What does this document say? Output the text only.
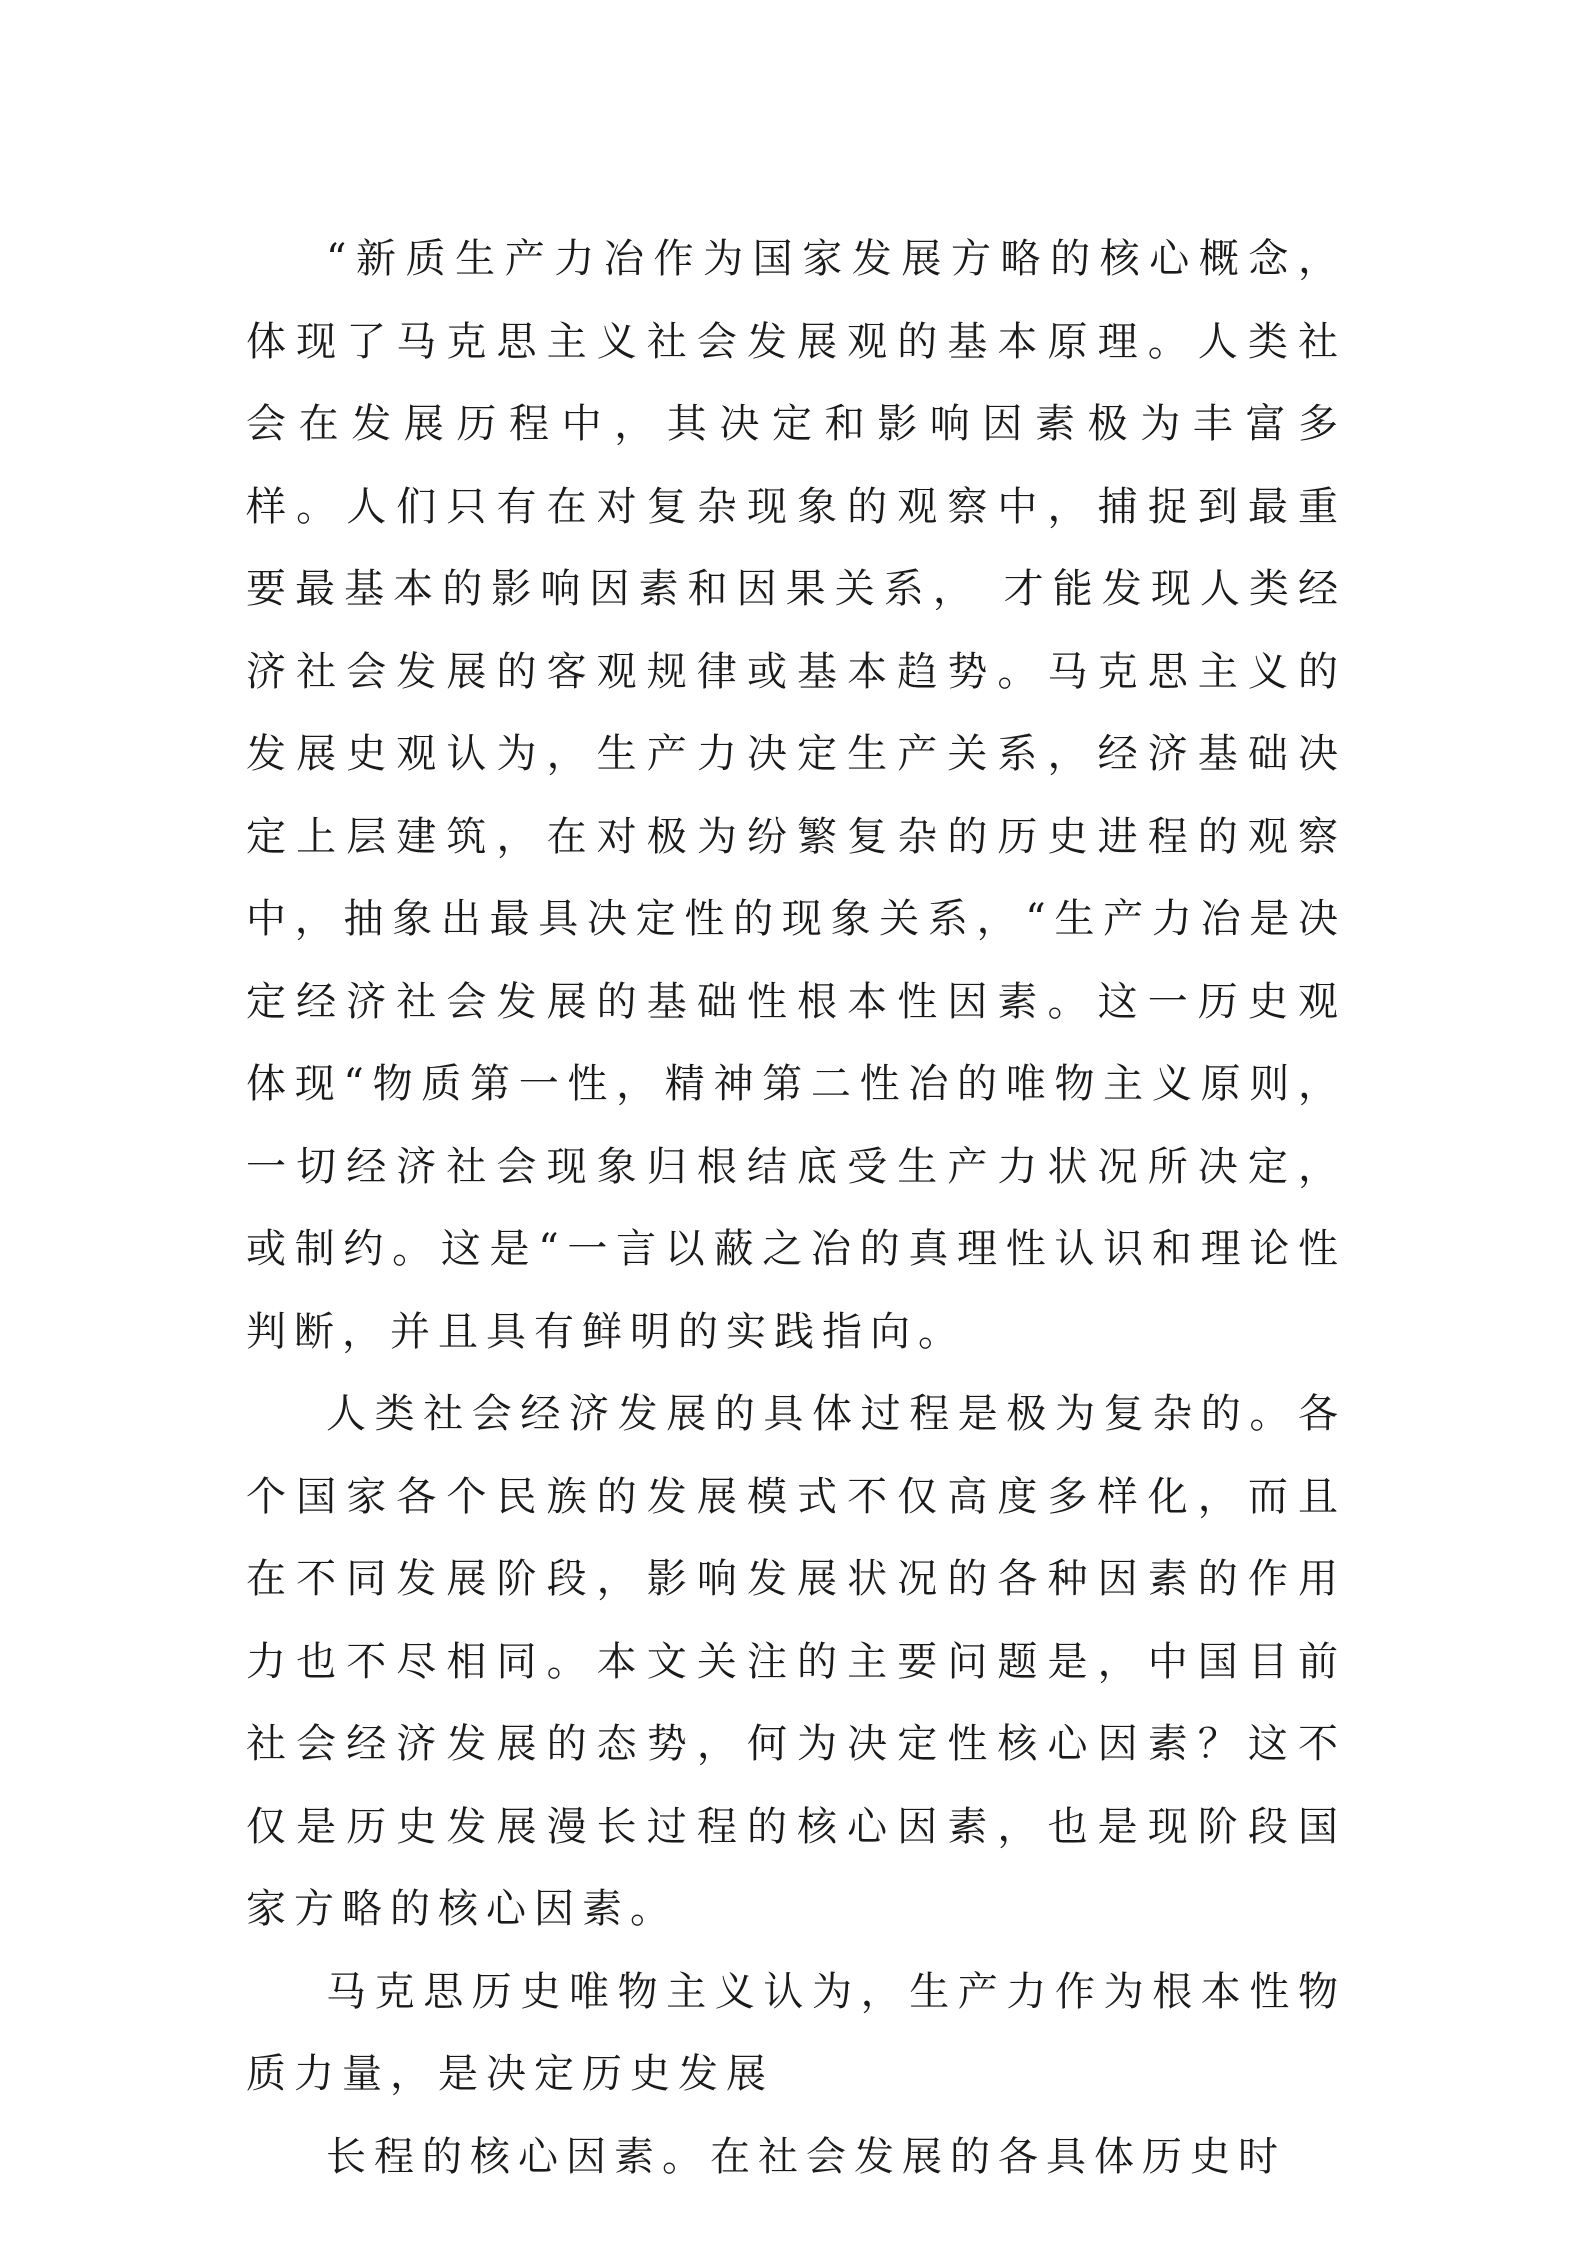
“新质生产力冶作为国家发展方略的核心概念，体现了马克思主义社会发展观的基本原理。人类社会在发展历程中，其决定和影响因素极为丰富多样。人们只有在对复杂现象的观察中，捕捉到最重要最基本的影响因素和因果关系， 才能发现人类经济社会发展的客观规律或基本趋势。马克思主义的发展史观认为，生产力决定生产关系，经济基础决定上层建筑，在对极为纷繁复杂的历史进程的观察中，抽象出最具决定性的现象关系，“生产力冶是决定经济社会发展的基础性根本性因素。这一历史观体现“物质第一性，精神第二性冶的唯物主义原则，一切经济社会现象归根结底受生产力状况所决定，或制约。这是“一言以蔽之冶的真理性认识和理论性判断，并且具有鲜明的实践指向。

人类社会经济发展的具体过程是极为复杂的。各个国家各个民族的发展模式不仅高度多样化，而且在不同发展阶段，影响发展状况的各种因素的作用力也不尽相同。本文关注的主要问题是，中国目前社会经济发展的态势，何为决定性核心因素？这不仅是历史发展漫长过程的核心因素，也是现阶段国家方略的核心因素。

马克思历史唯物主义认为，生产力作为根本性物质力量，是决定历史发展

长程的核心因素。在社会发展的各具体历史时
